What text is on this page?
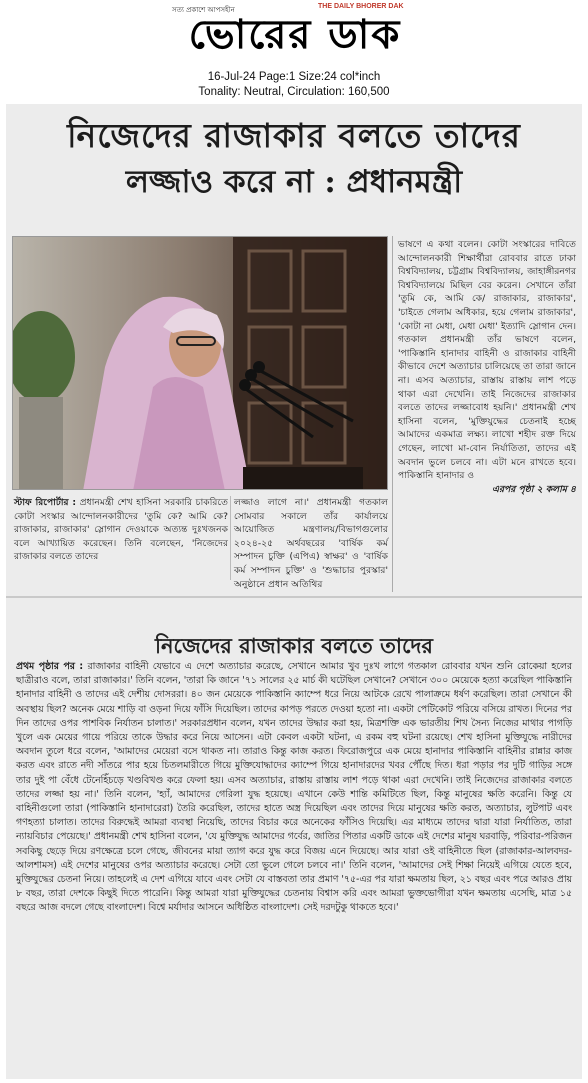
সত্য প্রকাশে আপসহীন	THE DAILY BHORER DAK
ভোরের ডাক
16-Jul-24 Page:1 Size:24 col*inch
Tonality: Neutral, Circulation: 160,500
নিজেদের রাজাকার বলতে তাদের
লজ্জাও করে না : প্রধানমন্ত্রী

ভাষণে এ কথা বলেন। কোটা সংস্কারের দাবিতে আন্দোলনকারী শিক্ষার্থীরা রোববার রাতে ঢাকা বিশ্ববিদ্যালয়, চট্টগ্রাম বিশ্ববিদ্যালয়, জাহাঙ্গীরনগর বিশ্ববিদ্যালয়ে মিছিল বের করেন। সেখানে তাঁরা 'তুমি কে, আমি কে/ রাজাকার, রাজাকার', 'চাইতে গেলাম অধিকার, হয়ে গেলাম রাজাকার', 'কোটা না মেধা, মেধা মেধা' ইত্যাদি স্লোগান দেন। গতকাল প্রধানমন্ত্রী তাঁর ভাষণে বলেন, 'পাকিস্তানি হানাদার বাহিনী ও রাজাকার বাহিনী কীভাবে দেশে অত্যাচার চালিয়েছে তা তারা জানে না। এসব অত্যাচার, রাস্তায় রাস্তায় লাশ পড়ে থাকা এরা দেখেনি। তাই নিজেদের রাজাকার বলতে তাদের লজ্জাবোধ হয়নি।' প্রধানমন্ত্রী শেখ হাসিনা বলেন, 'মুক্তিযুদ্ধের চেতনাই হচ্ছে আমাদের একমাত্র লক্ষ্য। লাখো শহীদ রক্ত দিয়ে গেছেন, লাখো মা-বোন নির্যাতিতা, তাদের এই অবদান ভুলে চলবে না। এটা মনে রাখতে হবে। পাকিস্তানি হানাদার ও

এরপর পৃষ্ঠা ২ কলাম ৪

স্টাফ রিপোর্টার : প্রধানমন্ত্রী শেখ হাসিনা সরকারি চাকরিতে কোটা সংস্কার আন্দোলনকারীদের 'তুমি কে? আমি কে? রাজাকার, রাজাকার' স্লোগান দেওয়াকে অত্যন্ত দুঃখজনক বলে আখ্যায়িত করেছেন। তিনি বলেছেন, 'নিজেদের রাজাকার বলতে তাদের

লজ্জাও লাগে না।' প্রধানমন্ত্রী গতকাল সোমবার সকালে তাঁর কার্যালয়ে আয়োজিত মন্ত্রণালয়/বিভাগগুলোর ২০২৪-২৫ অর্থবছরের 'বার্ষিক কর্ম সম্পাদন চুক্তি (এপিএ) স্বাক্ষর' ও 'বার্ষিক কর্ম সম্পাদন চুক্তি' ও 'শুদ্ধাচার পুরস্কার' অনুষ্ঠানে প্রধান অতিথির

নিজেদের রাজাকার বলতে তাদের

প্রথম পৃষ্ঠার পর : রাজাকার বাহিনী যেভাবে এ দেশে অত্যাচার করেছে, সেখানে আমার খুব দুঃখ লাগে গতকাল রোববার যখন শুনি রোকেয়া হলের ছাত্রীরাও বলে, তারা রাজাকার।' তিনি বলেন, 'তারা কি জানে '৭১ সালের ২৫ মার্চ কী ঘটেছিল সেখানে? সেখানে ৩০০ মেয়েকে হত্যা করেছিল পাকিস্তানি হানাদার বাহিনী ও তাদের এই দেশীয় দোসররা। ৪০ জন মেয়েকে পাকিস্তানি ক্যাম্পে ধরে নিয়ে আটকে রেখে পালাক্রমে ধর্ষণ করেছিল। তারা সেখানে কী অবস্থায় ছিল? অনেক মেয়ে শাড়ি বা ওড়না দিয়ে ফাঁসি দিয়েছিল। তাদের কাপড় পরতে দেওয়া হতো না। একটা পেটিকোট পরিয়ে বসিয়ে রাখত। দিনের পর দিন তাদের ওপর পাশবিক নির্যাতন চালাত।' সরকারপ্রধান বলেন, যখন তাদের উদ্ধার করা হয়, মিত্রশক্তি এক ভারতীয় শিখ সৈন্য নিজের মাথার পাগড়ি খুলে এক মেয়ের গায়ে পরিয়ে তাকে উদ্ধার করে নিয়ে আসেন। এটা কেবল একটা ঘটনা, এ রকম বহু ঘটনা রয়েছে। শেখ হাসিনা মুক্তিযুদ্ধে নারীদের অবদান তুলে ধরে বলেন, 'আমাদের মেয়েরা বসে থাকত না। তারাও কিন্তু কাজ করত। ফিরোজপুরে এক মেয়ে হানাদার পাকিস্তানি বাহিনীর রান্নার কাজ করত এবং রাতে নদী সাঁতরে পার হয়ে চিতলমারীতে গিয়ে মুক্তিযোদ্ধাদের ক্যাম্পে গিয়ে হানাদারদের খবর পৌঁছে দিত। ধরা পড়ার পর দুটি গাড়ির সঙ্গে তার দুই পা বেঁধে টেনেহিঁচড়ে খণ্ডবিখণ্ড করে ফেলা হয়। এসব অত্যাচার, রাস্তায় রাস্তায় লাশ পড়ে থাকা এরা দেখেনি। তাই নিজেদের রাজাকার বলতে তাদের লজ্জা হয় না।' তিনি বলেন, 'হ্যাঁ, আমাদের গেরিলা যুদ্ধ হয়েছে। এখানে কেউ শান্তি কমিটিতে ছিল, কিন্তু মানুষের ক্ষতি করেনি। কিন্তু যে বাহিনীগুলো তারা (পাকিস্তানি হানাদারেরা) তৈরি করেছিল, তাদের হাতে অস্ত্র দিয়েছিল এবং তাদের দিয়ে মানুষের ক্ষতি করত, অত্যাচার, লুটপাট এবং গণহত্যা চালাত। তাদের বিরুদ্ধেই আমরা ব্যবস্থা নিয়েছি, তাদের বিচার করে অনেকের ফাঁসিও দিয়েছি। এর মাধ্যমে তাদের দ্বারা যারা নির্যাতিত, তারা ন্যায়বিচার পেয়েছে।' প্রধানমন্ত্রী শেখ হাসিনা বলেন, 'যে মুক্তিযুদ্ধ আমাদের গর্বের, জাতির পিতার একটি ডাকে এই দেশের মানুষ ঘরবাড়ি, পরিবার-পরিজন সবকিছু ছেড়ে দিয়ে রণক্ষেত্রে চলে গেছে, জীবনের মায়া ত্যাগ করে যুদ্ধ করে বিজয় এনে দিয়েছে। আর যারা ওই বাহিনীতে ছিল (রাজাকার-আলবদর-আলশামস) এই দেশের মানুষের ওপর অত্যাচার করেছে। সেটা তো ভুলে গেলে চলবে না।' তিনি বলেন, 'আমাদের সেই শিক্ষা নিয়েই এগিয়ে যেতে হবে, মুক্তিযুদ্ধের চেতনা নিয়ে। তাহলেই এ দেশ এগিয়ে যাবে এবং সেটা যে বাস্তবতা তার প্রমাণ '৭৫-এর পর যারা ক্ষমতায় ছিল, ২১ বছর এবং পরে আরও প্রায় ৮ বছর, তারা দেশকে কিছুই দিতে পারেনি। কিন্তু আমরা যারা মুক্তিযুদ্ধের চেতনায় বিশ্বাস করি এবং আমরা ভুক্তভোগীরা যখন ক্ষমতায় এসেছি, মাত্র ১৫ বছরে আজ বদলে গেছে বাংলাদেশ। বিশ্বে মর্যাদার আসনে অধিষ্ঠিত বাংলাদেশ। সেই দরদটুকু থাকতে হবে।'
